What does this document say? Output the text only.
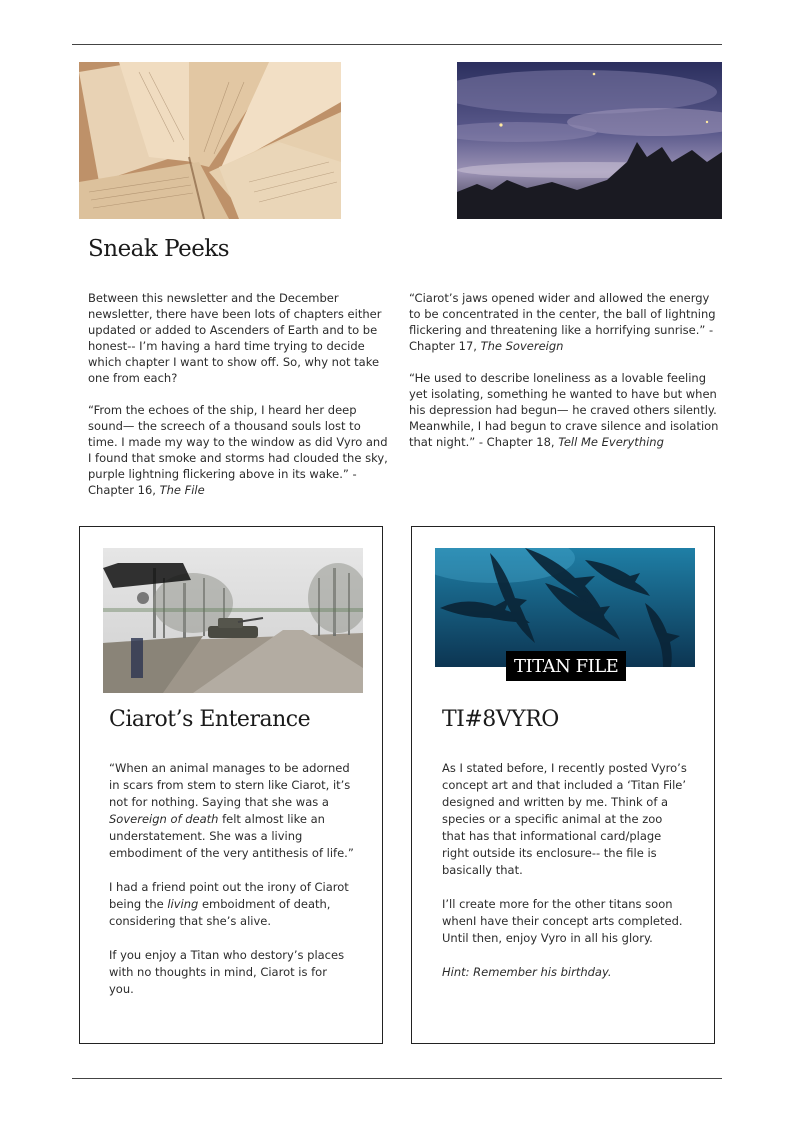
Sneak Peeks

Between this newsletter and the December newsletter, there have been lots of chapters either updated or added to Ascenders of Earth and to be honest-- I’m having a hard time trying to decide which chapter I want to show off. So, why not take one from each?

“From the echoes of the ship, I heard her deep sound— the screech of a thousand souls lost to time. I made my way to the window as did Vyro and I found that smoke and storms had clouded the sky, purple lightning flickering above in its wake.” - Chapter 16, The File

“Ciarot’s jaws opened wider and allowed the energy to be concentrated in the center, the ball of lightning flickering and threatening like a horrifying sunrise.” - Chapter 17, The Sovereign

“He used to describe loneliness as a lovable feeling yet isolating, something he wanted to have but when his depression had begun— he craved others silently. Meanwhile, I had begun to crave silence and isolation that night.” - Chapter 18, Tell Me Everything

Ciarot’s Enterance

“When an animal manages to be adorned in scars from stem to stern like Ciarot, it’s not for nothing. Saying that she was a Sovereign of death felt almost like an understatement. She was a living embodiment of the very antithesis of life.”

I had a friend point out the irony of Ciarot being the living emboidment of death, considering that she’s alive.

If you enjoy a Titan who destory’s places with no thoughts in mind, Ciarot is for you.

TITAN FILE
TI#8VYRO

As I stated before, I recently posted Vyro’s concept art and that included a ‘Titan File’ designed and written by me. Think of a species or a specific animal at the zoo that has that informational card/plage right outside its enclosure-- the file is basically that.

I’ll create more for the other titans soon whenI have their concept arts completed. Until then, enjoy Vyro in all his glory.

Hint: Remember his birthday.
